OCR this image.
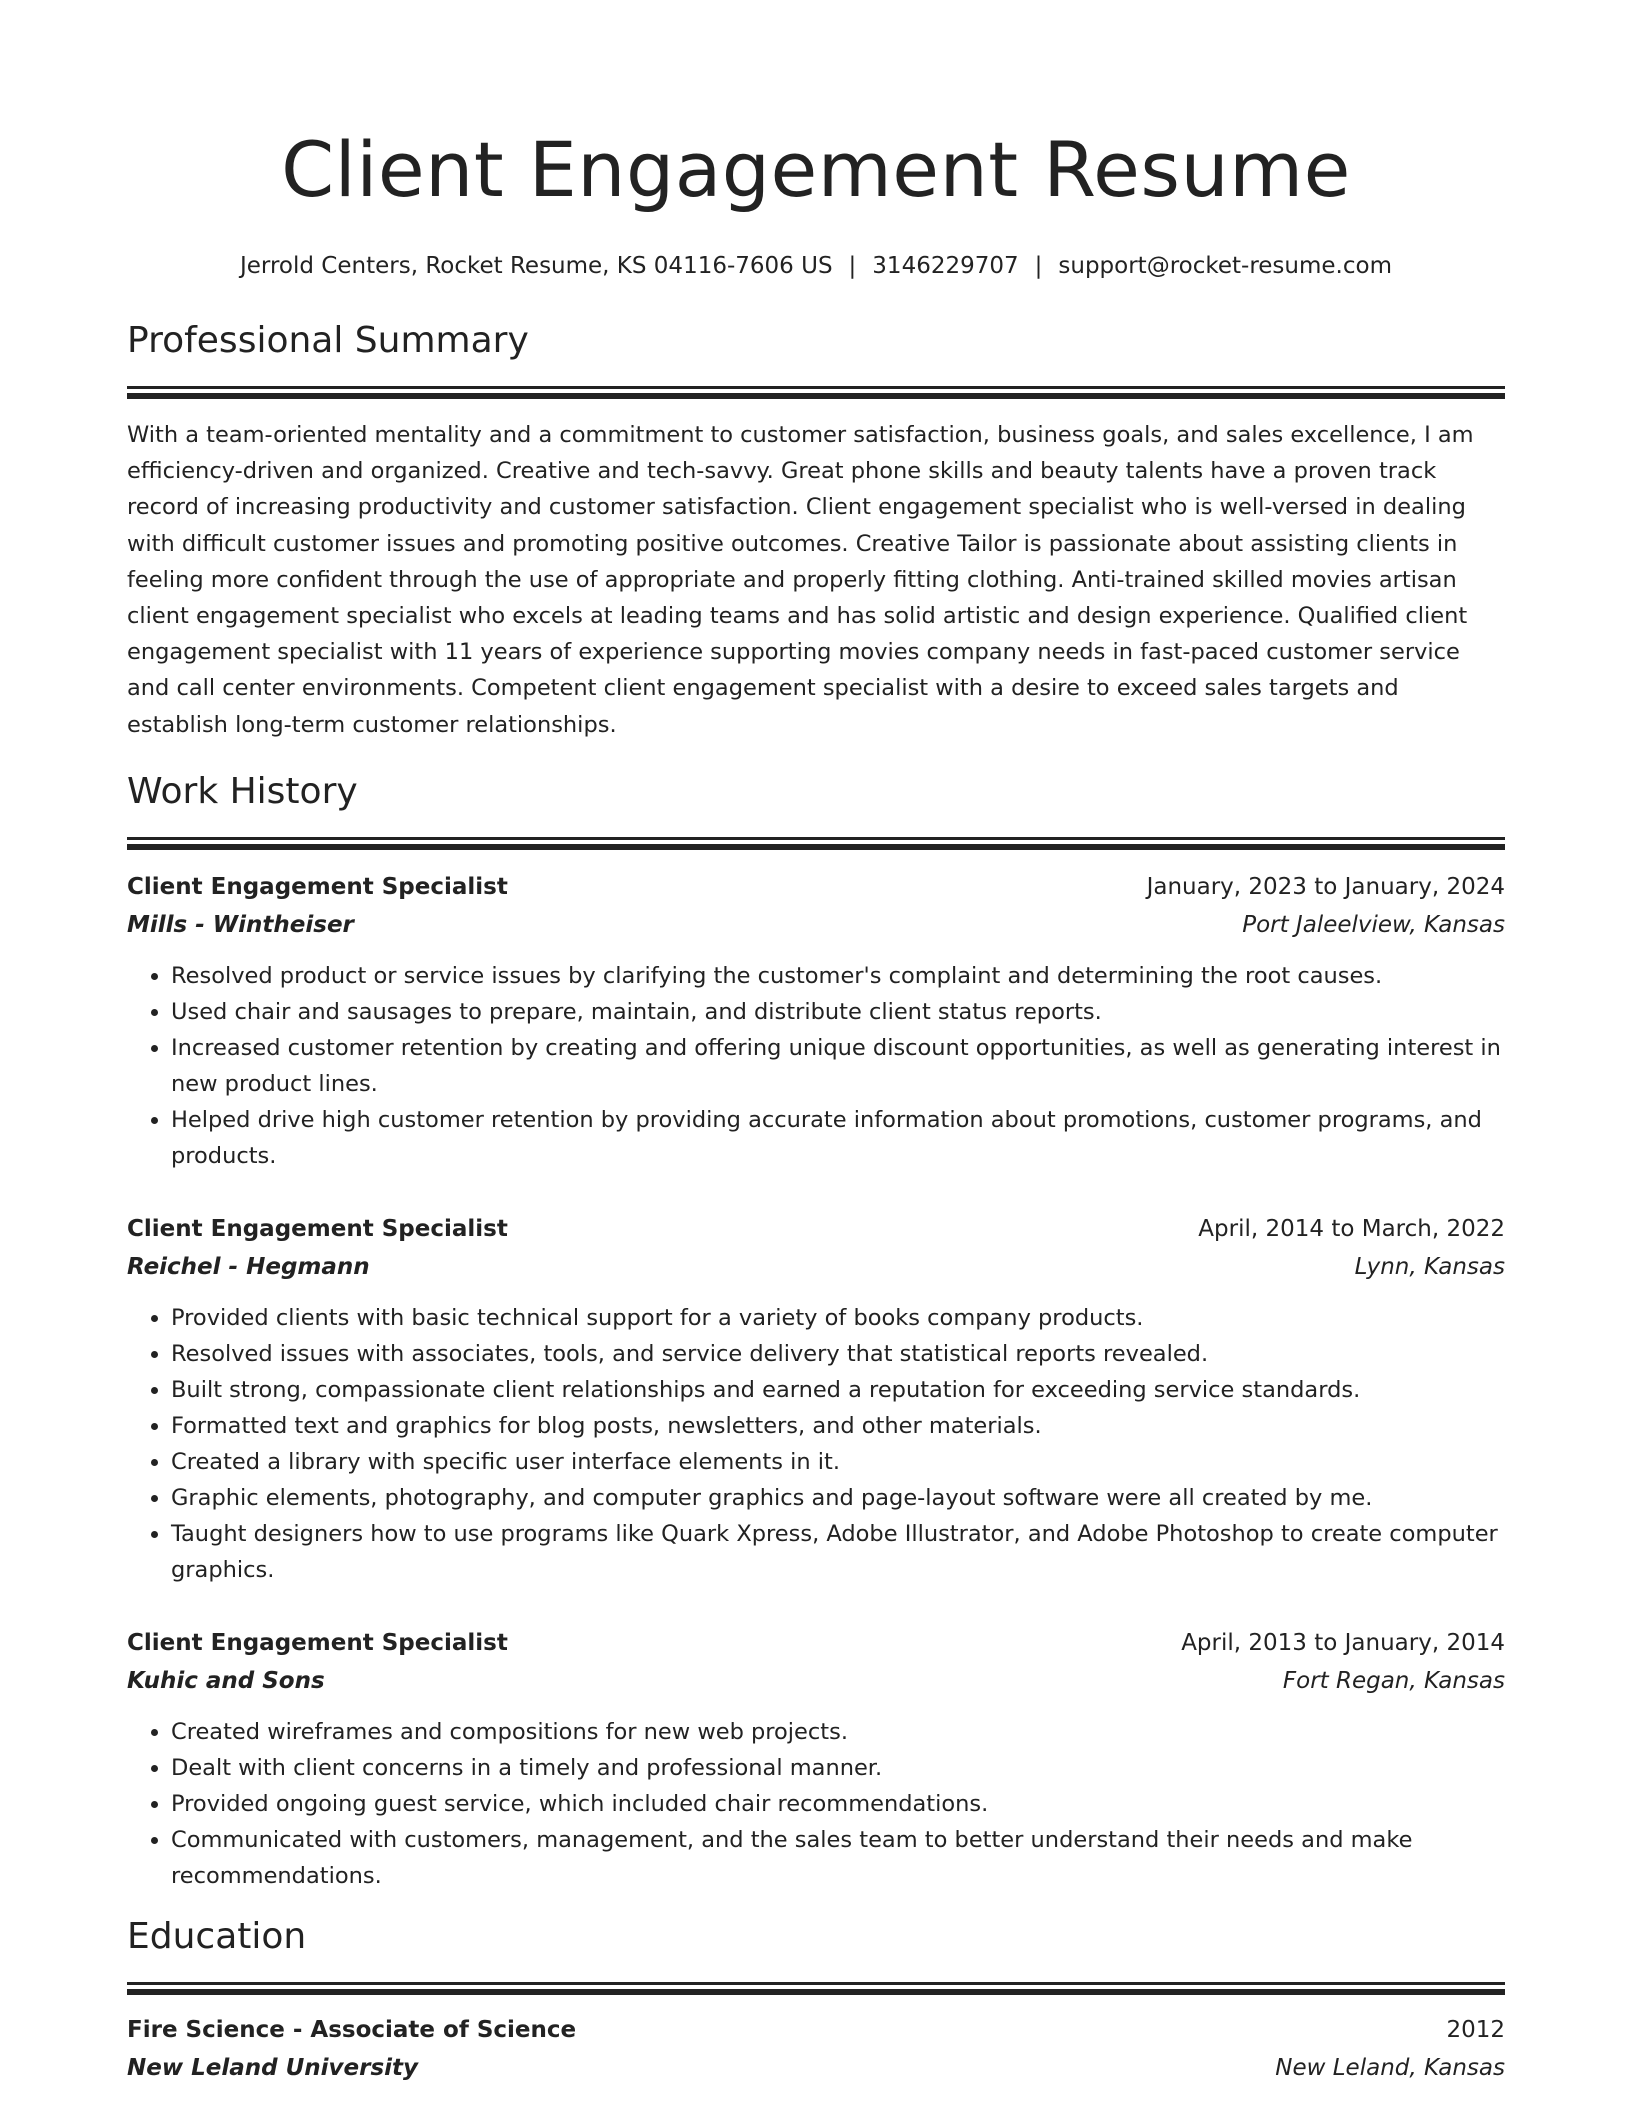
Client Engagement Resume
Jerrold Centers, Rocket Resume, KS 04116-7606 US | 3146229707 | support@rocket-resume.com
Professional Summary

With a team-oriented mentality and a commitment to customer satisfaction, business goals, and sales excellence, I am efficiency-driven and organized. Creative and tech-savvy. Great phone skills and beauty talents have a proven track record of increasing productivity and customer satisfaction. Client engagement specialist who is well-versed in dealing with difficult customer issues and promoting positive outcomes. Creative Tailor is passionate about assisting clients in feeling more confident through the use of appropriate and properly fitting clothing. Anti-trained skilled movies artisan client engagement specialist who excels at leading teams and has solid artistic and design experience. Qualified client engagement specialist with 11 years of experience supporting movies company needs in fast-paced customer service and call center environments. Competent client engagement specialist with a desire to exceed sales targets and establish long-term customer relationships.

Work History
Client Engagement Specialist	January, 2023 to January, 2024
Mills - Wintheiser	Port Jaleelview, Kansas
• Resolved product or service issues by clarifying the customer's complaint and determining the root causes.
• Used chair and sausages to prepare, maintain, and distribute client status reports.
• Increased customer retention by creating and offering unique discount opportunities, as well as generating interest in new product lines.
• Helped drive high customer retention by providing accurate information about promotions, customer programs, and products.
Client Engagement Specialist	April, 2014 to March, 2022
Reichel - Hegmann	Lynn, Kansas
• Provided clients with basic technical support for a variety of books company products.
• Resolved issues with associates, tools, and service delivery that statistical reports revealed.
• Built strong, compassionate client relationships and earned a reputation for exceeding service standards.
• Formatted text and graphics for blog posts, newsletters, and other materials.
• Created a library with specific user interface elements in it.
• Graphic elements, photography, and computer graphics and page-layout software were all created by me.
• Taught designers how to use programs like Quark Xpress, Adobe Illustrator, and Adobe Photoshop to create computer graphics.
Client Engagement Specialist	April, 2013 to January, 2014
Kuhic and Sons	Fort Regan, Kansas
• Created wireframes and compositions for new web projects.
• Dealt with client concerns in a timely and professional manner.
• Provided ongoing guest service, which included chair recommendations.
• Communicated with customers, management, and the sales team to better understand their needs and make recommendations.
Education
Fire Science - Associate of Science	2012
New Leland University	New Leland, Kansas
